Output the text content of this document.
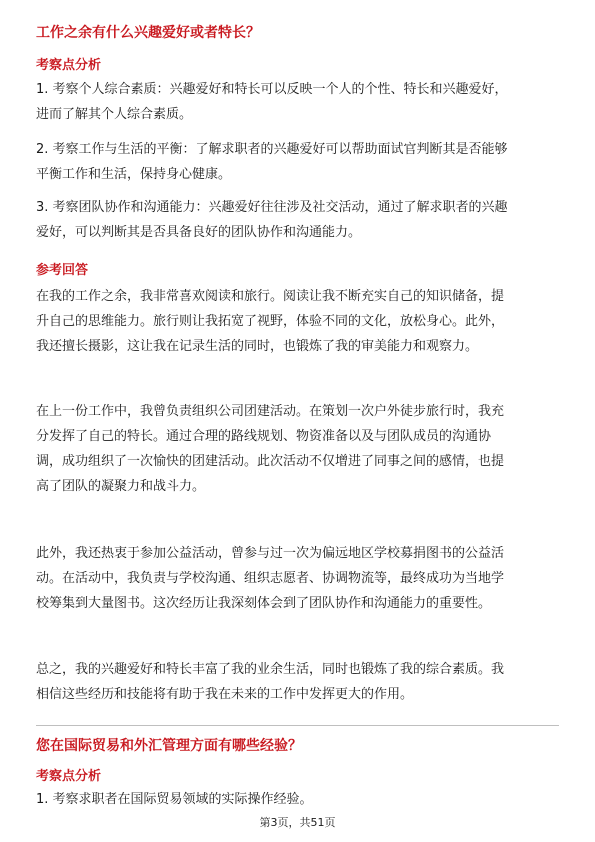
工作之余有什么兴趣爱好或者特长？
考察点分析
1. 考察个人综合素质：兴趣爱好和特长可以反映一个人的个性、特长和兴趣爱好，
进而了解其个人综合素质。
2. 考察工作与生活的平衡：了解求职者的兴趣爱好可以帮助面试官判断其是否能够
平衡工作和生活，保持身心健康。
3. 考察团队协作和沟通能力：兴趣爱好往往涉及社交活动，通过了解求职者的兴趣
爱好，可以判断其是否具备良好的团队协作和沟通能力。
参考回答
在我的工作之余，我非常喜欢阅读和旅行。阅读让我不断充实自己的知识储备，提
升自己的思维能力。旅行则让我拓宽了视野，体验不同的文化，放松身心。此外，
我还擅长摄影，这让我在记录生活的同时，也锻炼了我的审美能力和观察力。
在上一份工作中，我曾负责组织公司团建活动。在策划一次户外徒步旅行时，我充
分发挥了自己的特长。通过合理的路线规划、物资准备以及与团队成员的沟通协
调，成功组织了一次愉快的团建活动。此次活动不仅增进了同事之间的感情，也提
高了团队的凝聚力和战斗力。
此外，我还热衷于参加公益活动，曾参与过一次为偏远地区学校募捐图书的公益活
动。在活动中，我负责与学校沟通、组织志愿者、协调物流等，最终成功为当地学
校筹集到大量图书。这次经历让我深刻体会到了团队协作和沟通能力的重要性。
总之，我的兴趣爱好和特长丰富了我的业余生活，同时也锻炼了我的综合素质。我
相信这些经历和技能将有助于我在未来的工作中发挥更大的作用。
您在国际贸易和外汇管理方面有哪些经验？
考察点分析
1. 考察求职者在国际贸易领域的实际操作经验。
第3页，共51页
